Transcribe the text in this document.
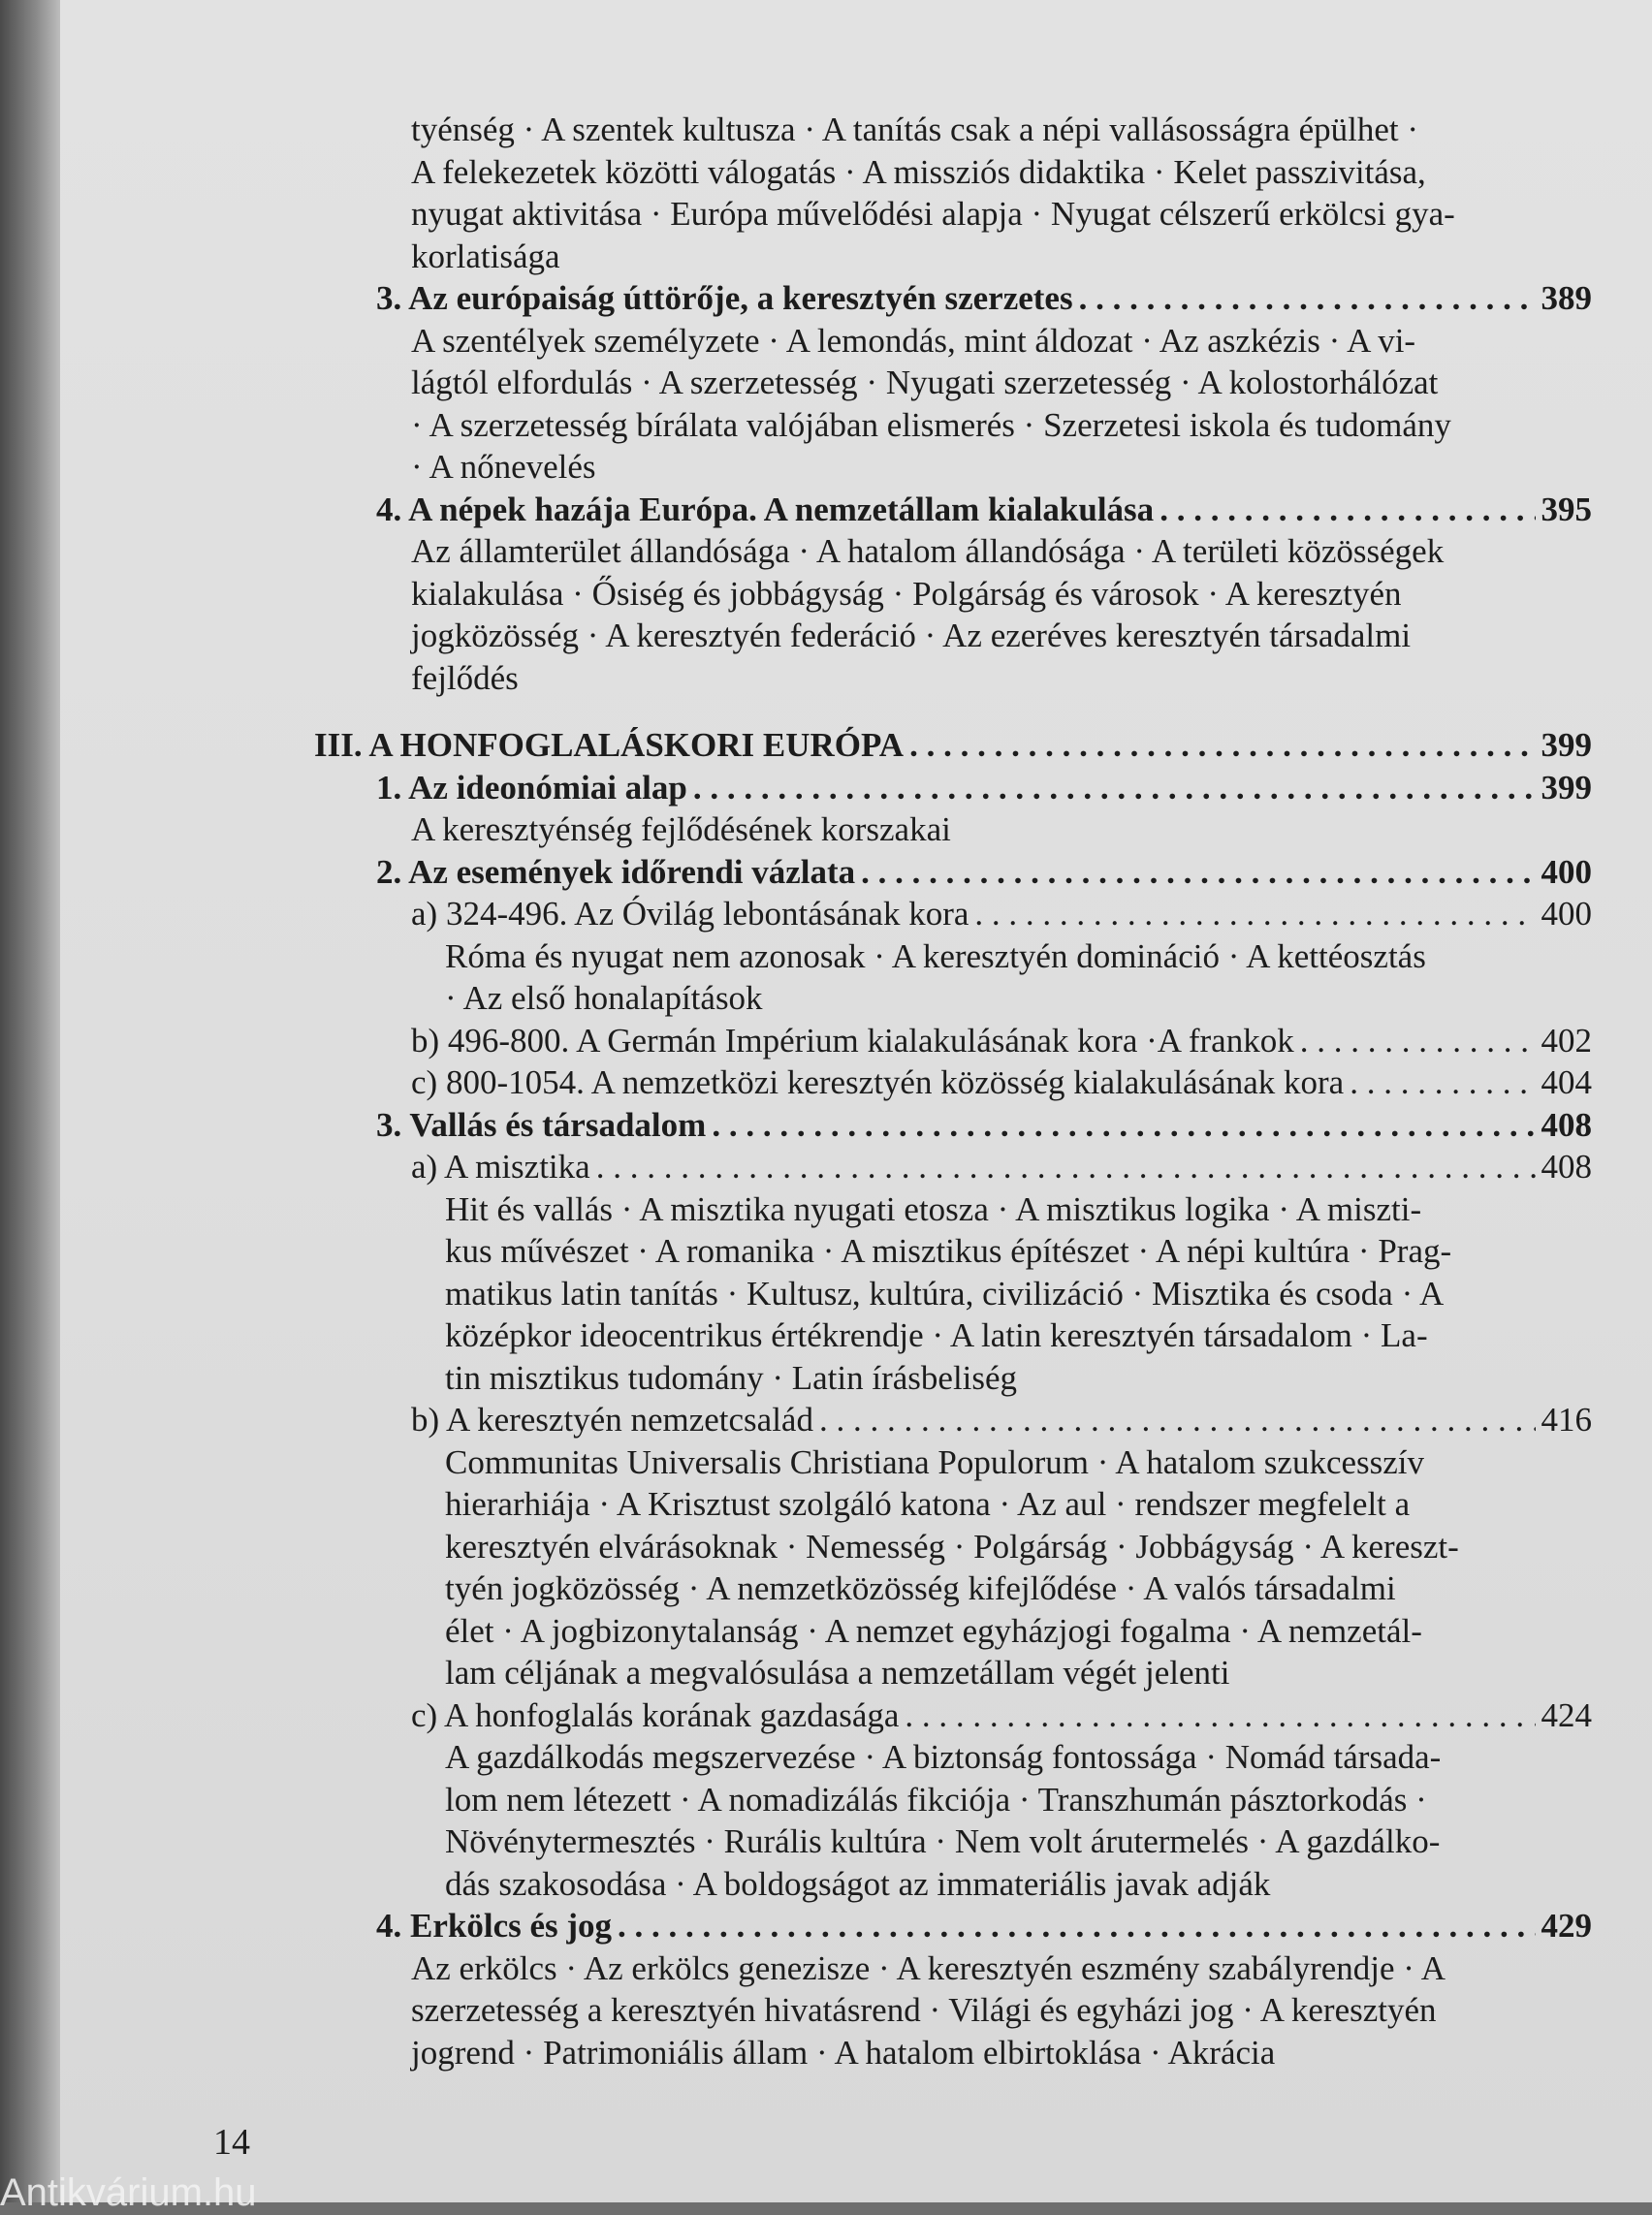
tyénség · A szentek kultusza · A tanítás csak a népi vallásosságra épülhet ·
A felekezetek közötti válogatás · A missziós didaktika · Kelet passzivitása,
nyugat aktivitása · Európa művelődési alapja · Nyugat célszerű erkölcsi gya-
korlatisága
3. Az európaiság úttörője, a keresztyén szerzetes . . .	389
A szentélyek személyzete · A lemondás, mint áldozat · Az aszkézis · A vi-
lágtól elfordulás · A szerzetesség · Nyugati szerzetesség · A kolostorhálózat
· A szerzetesség bírálata valójában elismerés · Szerzetesi iskola és tudomány
· A nőnevelés
4. A népek hazája Európa. A nemzetállam kialakulása . . .	395
Az államterület állandósága · A hatalom állandósága · A területi közösségek
kialakulása · Ősiség és jobbágyság · Polgárság és városok · A keresztyén
jogközösség · A keresztyén federáció · Az ezeréves keresztyén társadalmi
fejlődés
III. A HONFOGLALÁSKORI EURÓPA . . .	399
1. Az ideonómiai alap . . .	399
A keresztyénség fejlődésének korszakai
2. Az események időrendi vázlata . . .	400
a) 324-496. Az Óvilág lebontásának kora . . .	400
Róma és nyugat nem azonosak · A keresztyén domináció · A kettéosztás
· Az első honalapítások
b) 496-800. A Germán Impérium kialakulásának kora ·A frankok . . .	402
c) 800-1054. A nemzetközi keresztyén közösség kialakulásának kora . . .	404
3. Vallás és társadalom . . .	408
a) A misztika . . .	408
Hit és vallás · A misztika nyugati etosza · A misztikus logika · A miszti-
kus művészet · A romanika · A misztikus építészet · A népi kultúra · Prag-
matikus latin tanítás · Kultusz, kultúra, civilizáció · Misztika és csoda · A
középkor ideocentrikus értékrendje · A latin keresztyén társadalom · La-
tin misztikus tudomány · Latin írásbeliség
b) A keresztyén nemzetcsalád . . .	416
Communitas Universalis Christiana Populorum · A hatalom szukcesszív
hierarhiája · A Krisztust szolgáló katona · Az aul · rendszer megfelelt a
keresztyén elvárásoknak · Nemesség · Polgárság · Jobbágyság · A kereszt-
tyén jogközösség · A nemzetközösség kifejlődése · A valós társadalmi
élet · A jogbizonytalanság · A nemzet egyházjogi fogalma · A nemzetál-
lam céljának a megvalósulása a nemzetállam végét jelenti
c) A honfoglalás korának gazdasága . . .	424
A gazdálkodás megszervezése · A biztonság fontossága · Nomád társada-
lom nem létezett · A nomadizálás fikciója · Transzhumán pásztorkodás ·
Növénytermesztés · Rurális kultúra · Nem volt árutermelés · A gazdálko-
dás szakosodása · A boldogságot az immateriális javak adják
4. Erkölcs és jog . . .	429
Az erkölcs · Az erkölcs genezisze · A keresztyén eszmény szabályrendje · A
szerzetesség a keresztyén hivatásrend · Világi és egyházi jog · A keresztyén
jogrend · Patrimoniális állam · A hatalom elbirtoklása · Akrácia
14
Antikvárium.hu
